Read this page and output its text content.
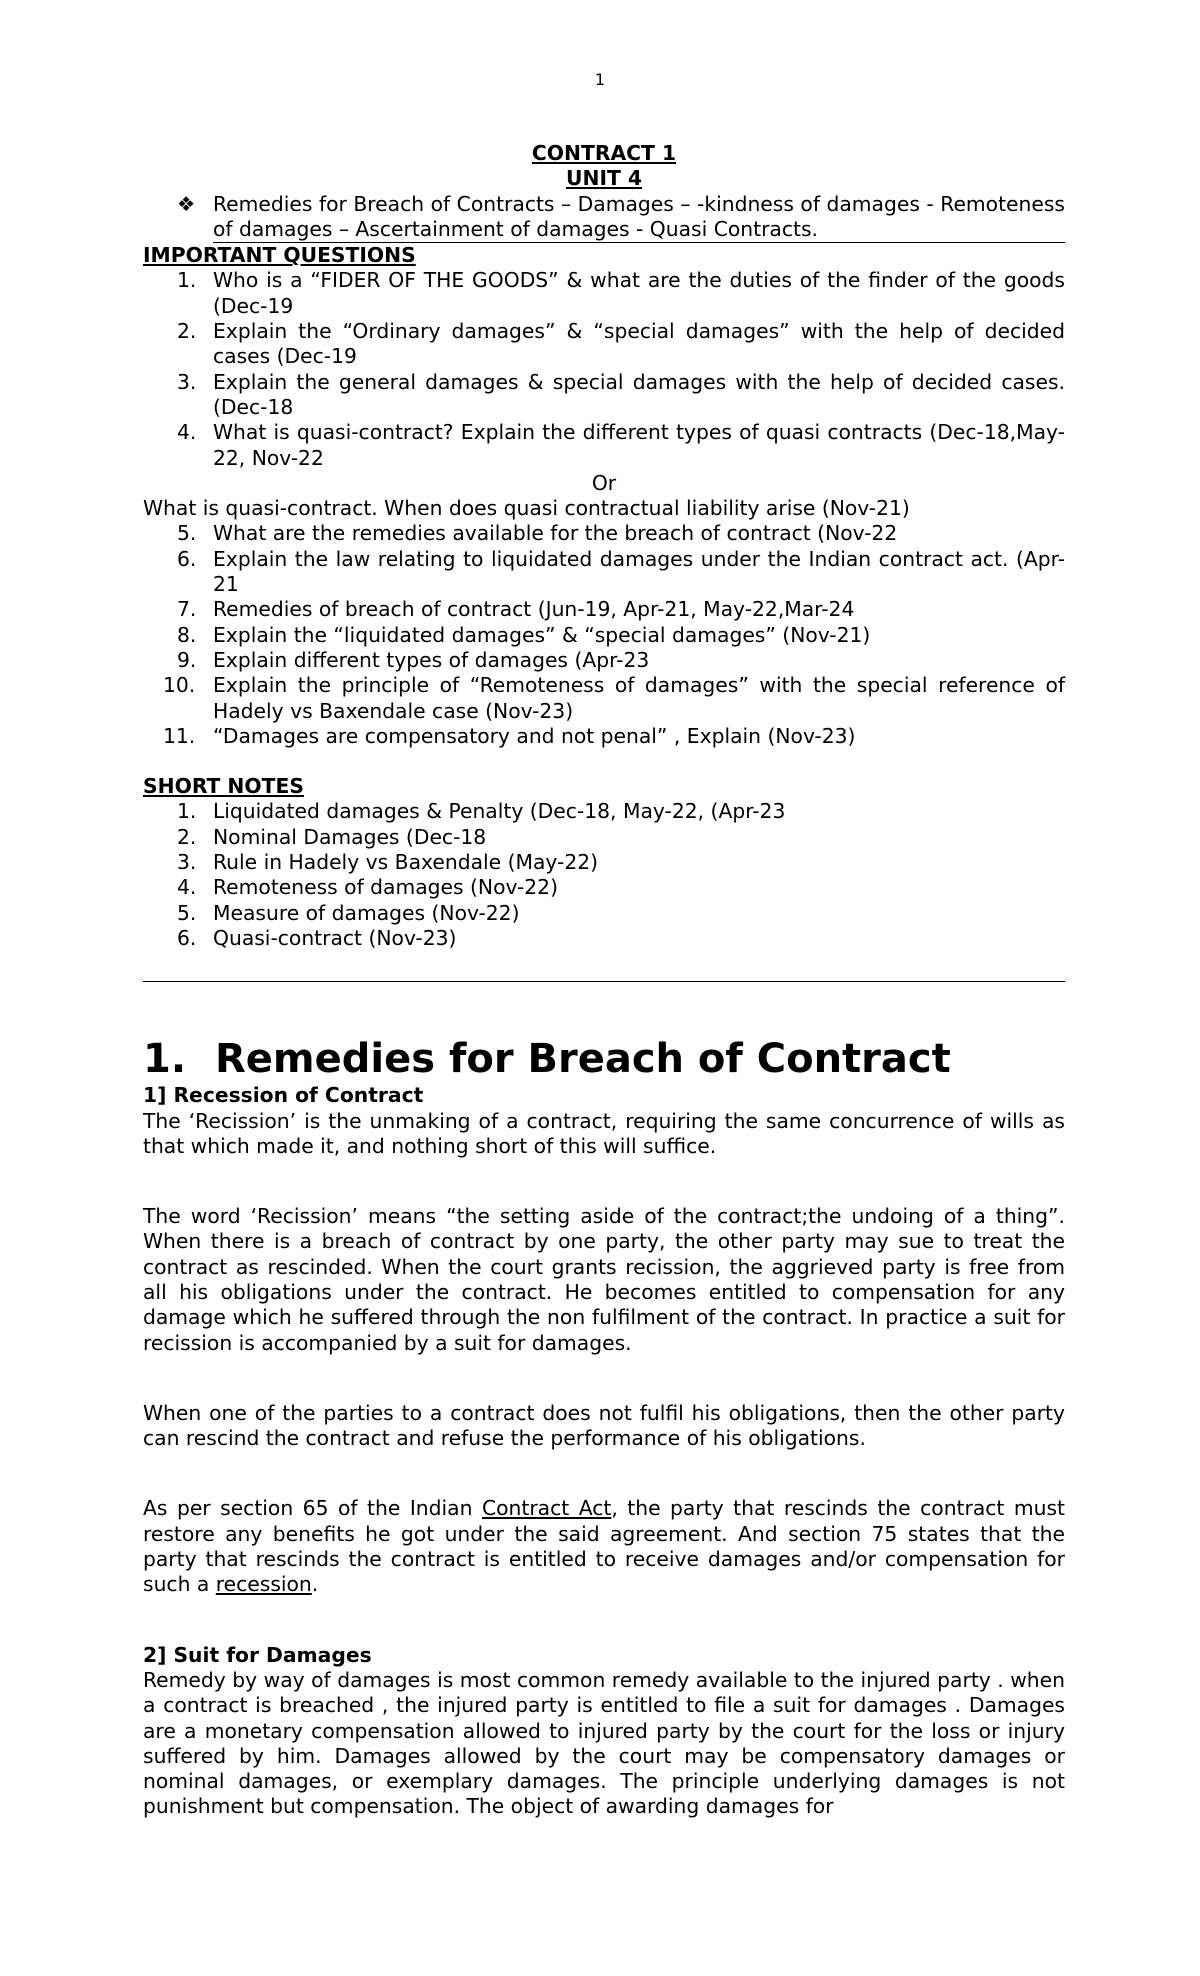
1
CONTRACT 1
UNIT 4
❖ Remedies for Breach of Contracts – Damages – -kindness of damages - Remoteness of damages – Ascertainment of damages - Quasi Contracts.
IMPORTANT QUESTIONS
1. Who is a “FIDER OF THE GOODS” & what are the duties of the finder of the goods (Dec-19
2. Explain the “Ordinary damages” & “special damages” with the help of decided cases (Dec-19
3. Explain the general damages & special damages with the help of decided cases. (Dec-18
4. What is quasi-contract? Explain the different types of quasi contracts (Dec-18,May-22, Nov-22
Or
What is quasi-contract. When does quasi contractual liability arise (Nov-21)
5. What are the remedies available for the breach of contract (Nov-22
6. Explain the law relating to liquidated damages under the Indian contract act. (Apr-21
7. Remedies of breach of contract (Jun-19, Apr-21, May-22,Mar-24
8. Explain the “liquidated damages” & “special damages” (Nov-21)
9. Explain different types of damages (Apr-23
10. Explain the principle of “Remoteness of damages” with the special reference of Hadely vs Baxendale case (Nov-23)
11. “Damages are compensatory and not penal” , Explain (Nov-23)
SHORT NOTES
1. Liquidated damages & Penalty (Dec-18, May-22, (Apr-23
2. Nominal Damages (Dec-18
3. Rule in Hadely vs Baxendale (May-22)
4. Remoteness of damages (Nov-22)
5. Measure of damages (Nov-22)
6. Quasi-contract (Nov-23)
1. Remedies for Breach of Contract
1] Recession of Contract

The ‘Recission’ is the unmaking of a contract, requiring the same concurrence of wills as that which made it, and nothing short of this will suffice.

The word ‘Recission’ means “the setting aside of the contract;the undoing of a thing”. When there is a breach of contract by one party, the other party may sue to treat the contract as rescinded. When the court grants recission, the aggrieved party is free from all his obligations under the contract. He becomes entitled to compensation for any damage which he suffered through the non fulfilment of the contract. In practice a suit for recission is accompanied by a suit for damages.

When one of the parties to a contract does not fulfil his obligations, then the other party can rescind the contract and refuse the performance of his obligations.

As per section 65 of the Indian Contract Act, the party that rescinds the contract must restore any benefits he got under the said agreement. And section 75 states that the party that rescinds the contract is entitled to receive damages and/or compensation for such a recession.

2] Suit for Damages

Remedy by way of damages is most common remedy available to the injured party . when a contract is breached , the injured party is entitled to file a suit for damages . Damages are a monetary compensation allowed to injured party by the court for the loss or injury suffered by him. Damages allowed by the court may be compensatory damages or nominal damages, or exemplary damages. The principle underlying damages is not punishment but compensation. The object of awarding damages for
